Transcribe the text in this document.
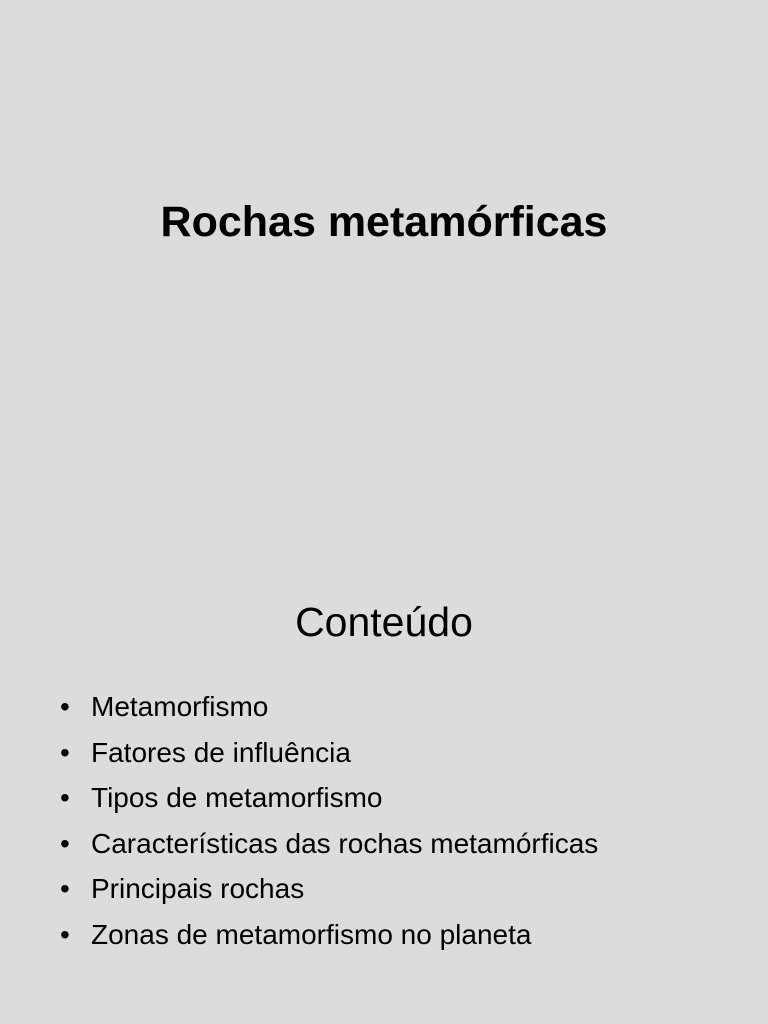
Rochas metamórficas
Conteúdo
• Metamorfismo
• Fatores de influência
• Tipos de metamorfismo
• Características das rochas metamórficas
• Principais rochas
• Zonas de metamorfismo no planeta
